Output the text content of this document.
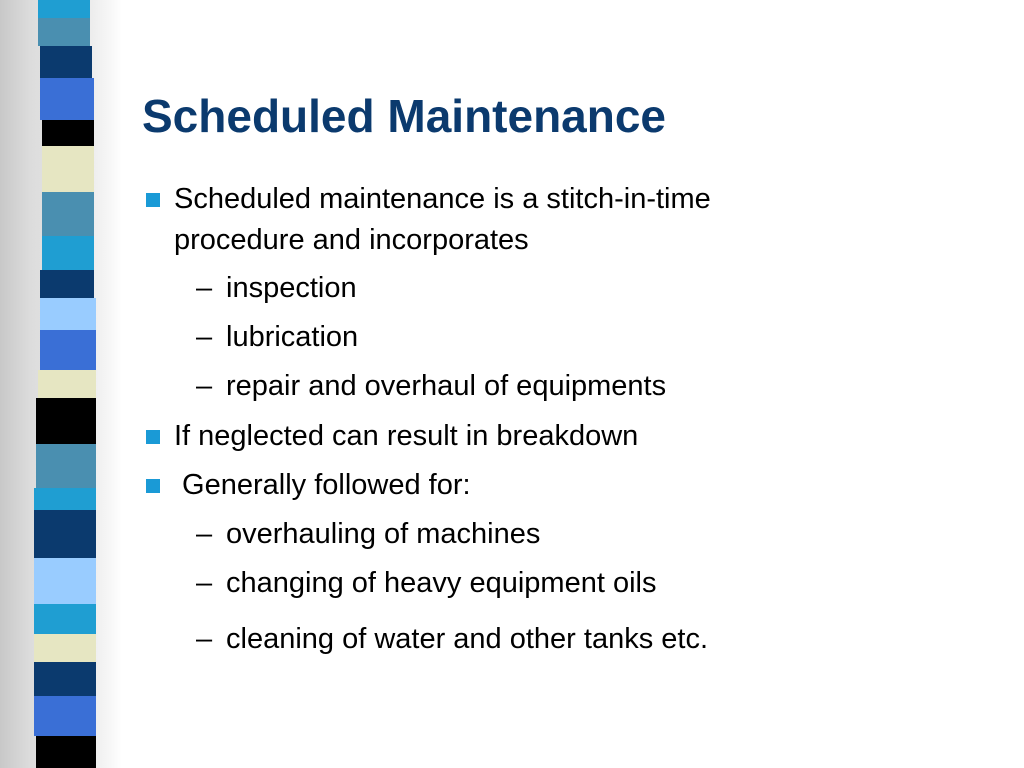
Scheduled Maintenance
Scheduled maintenance is a stitch-in-time
procedure and incorporates
– inspection
– lubrication
– repair and overhaul of equipments
If neglected can result in breakdown
Generally followed for:
– overhauling of machines
– changing of heavy equipment oils
– cleaning of water and other tanks etc.
